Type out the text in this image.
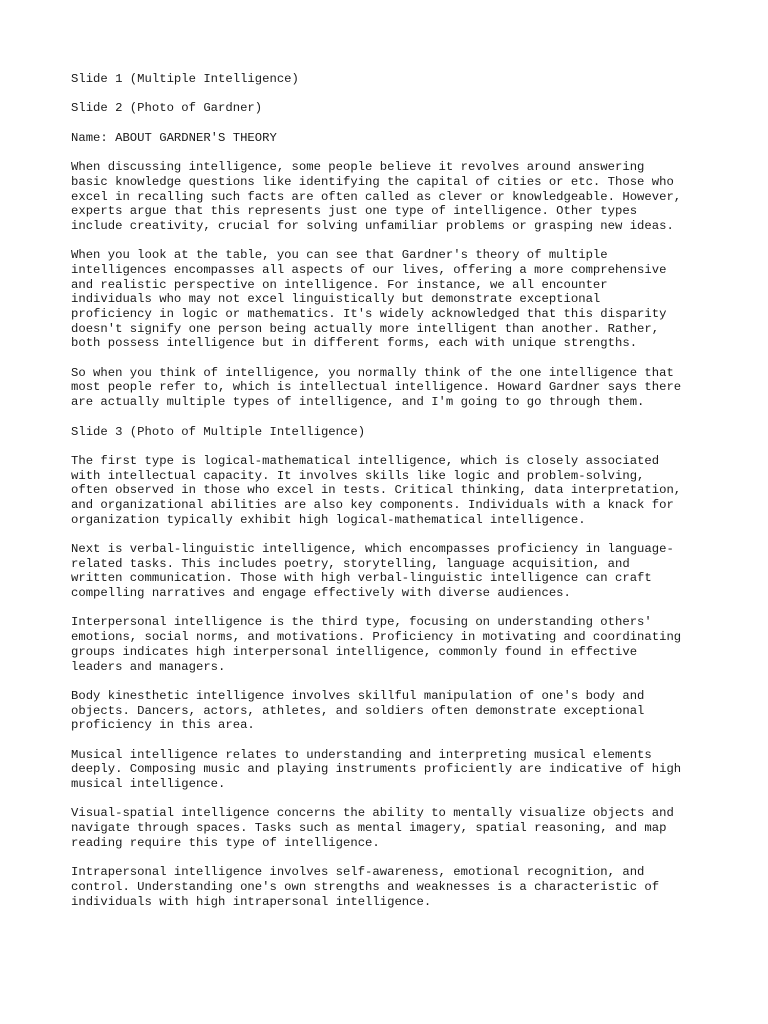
Slide 1 (Multiple Intelligence)
Slide 2 (Photo of Gardner)
Name: ABOUT GARDNER'S THEORY
When discussing intelligence, some people believe it revolves around answering
basic knowledge questions like identifying the capital of cities or etc. Those who
excel in recalling such facts are often called as clever or knowledgeable. However,
experts argue that this represents just one type of intelligence. Other types
include creativity, crucial for solving unfamiliar problems or grasping new ideas.
When you look at the table, you can see that Gardner's theory of multiple
intelligences encompasses all aspects of our lives, offering a more comprehensive
and realistic perspective on intelligence. For instance, we all encounter
individuals who may not excel linguistically but demonstrate exceptional
proficiency in logic or mathematics. It's widely acknowledged that this disparity
doesn't signify one person being actually more intelligent than another. Rather,
both possess intelligence but in different forms, each with unique strengths.
So when you think of intelligence, you normally think of the one intelligence that
most people refer to, which is intellectual intelligence. Howard Gardner says there
are actually multiple types of intelligence, and I'm going to go through them.
Slide 3 (Photo of Multiple Intelligence)
The first type is logical-mathematical intelligence, which is closely associated
with intellectual capacity. It involves skills like logic and problem-solving,
often observed in those who excel in tests. Critical thinking, data interpretation,
and organizational abilities are also key components. Individuals with a knack for
organization typically exhibit high logical-mathematical intelligence.
Next is verbal-linguistic intelligence, which encompasses proficiency in language-
related tasks. This includes poetry, storytelling, language acquisition, and
written communication. Those with high verbal-linguistic intelligence can craft
compelling narratives and engage effectively with diverse audiences.
Interpersonal intelligence is the third type, focusing on understanding others'
emotions, social norms, and motivations. Proficiency in motivating and coordinating
groups indicates high interpersonal intelligence, commonly found in effective
leaders and managers.
Body kinesthetic intelligence involves skillful manipulation of one's body and
objects. Dancers, actors, athletes, and soldiers often demonstrate exceptional
proficiency in this area.
Musical intelligence relates to understanding and interpreting musical elements
deeply. Composing music and playing instruments proficiently are indicative of high
musical intelligence.
Visual-spatial intelligence concerns the ability to mentally visualize objects and
navigate through spaces. Tasks such as mental imagery, spatial reasoning, and map
reading require this type of intelligence.
Intrapersonal intelligence involves self-awareness, emotional recognition, and
control. Understanding one's own strengths and weaknesses is a characteristic of
individuals with high intrapersonal intelligence.
